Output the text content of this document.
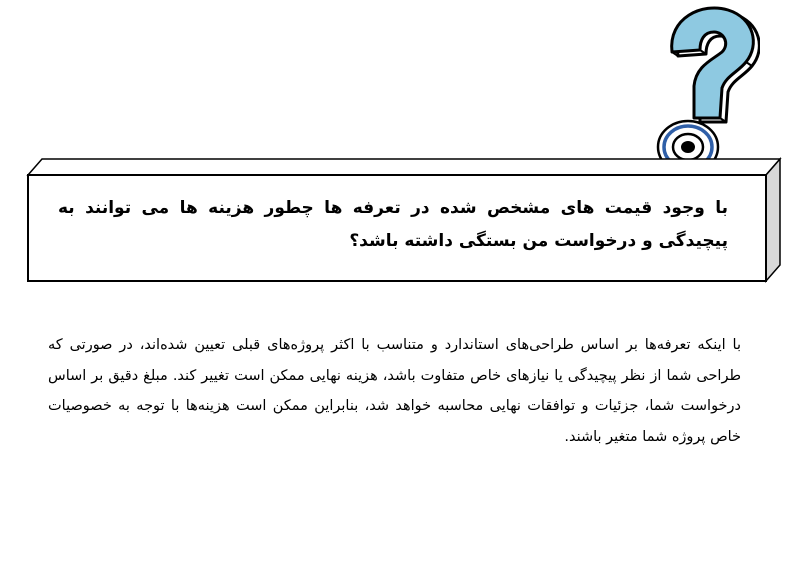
با وجود قیمت های مشخص شده در تعرفه ها چطور هزینه ها می توانند به پیچیدگی و درخواست من بستگی داشته باشد؟
با اینکه تعرفه‌ها بر اساس طراحی‌های استاندارد و متناسب با اکثر پروژه‌های قبلی تعیین شده‌اند، در صورتی که طراحی شما از نظر پیچیدگی یا نیازهای خاص متفاوت باشد، هزینه نهایی ممکن است تغییر کند. مبلغ دقیق بر اساس درخواست شما، جزئیات و توافقات نهایی محاسبه خواهد شد، بنابراین ممکن است هزینه‌ها با توجه به خصوصیات خاص پروژه شما متغیر باشند.
